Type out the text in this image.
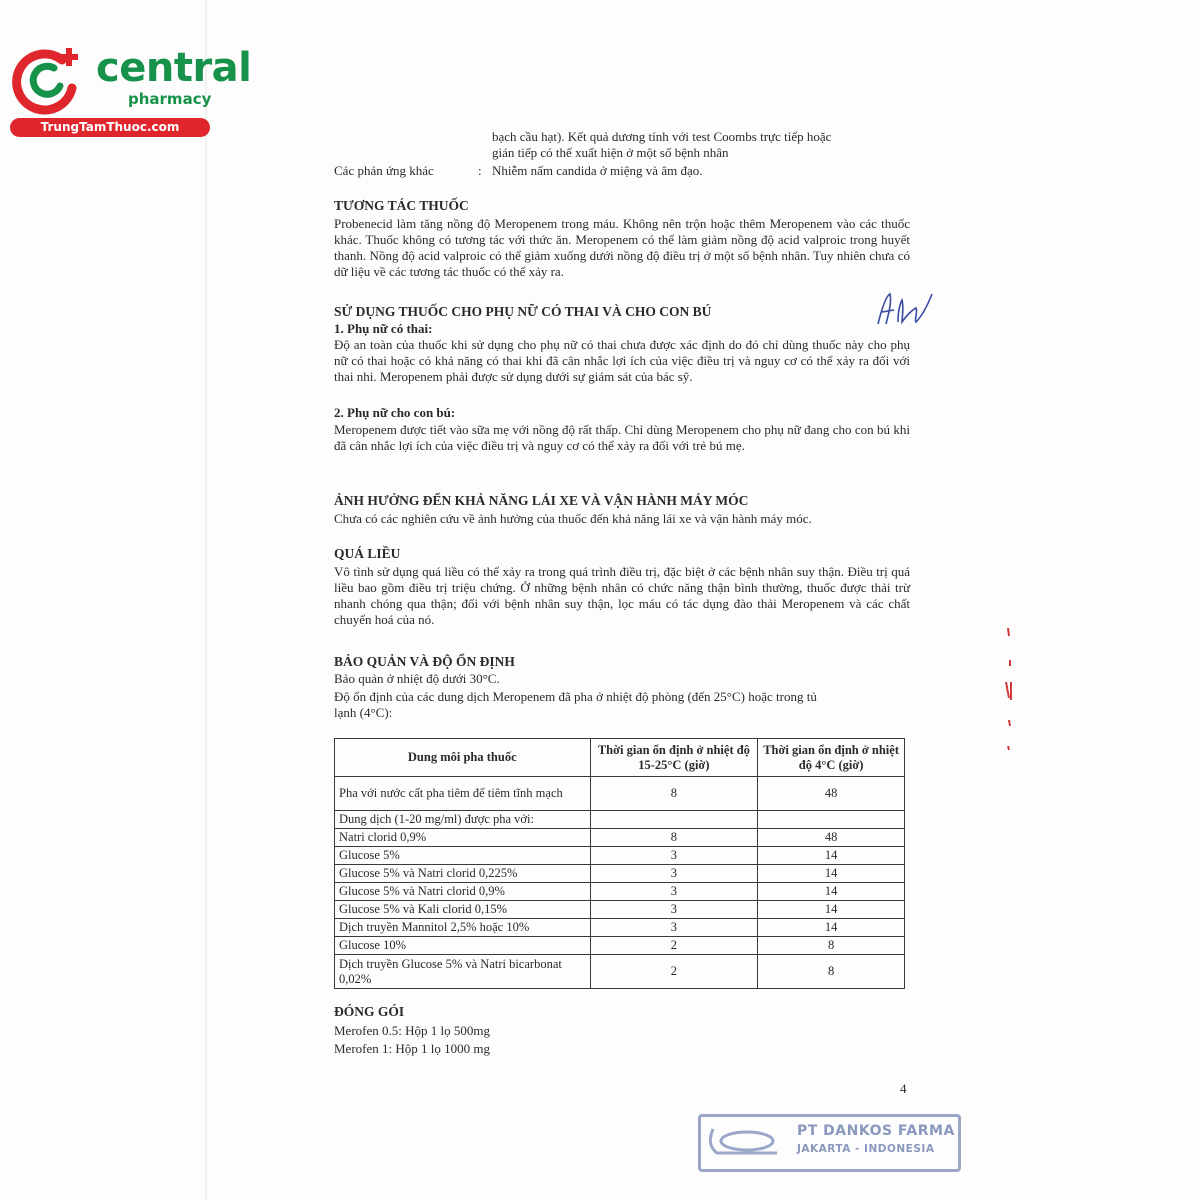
central
pharmacy
TrungTamThuoc.com
bạch cầu hạt). Kết quả dương tính với test Coombs trực tiếp hoặc
gián tiếp có thể xuất hiện ở một số bệnh nhân
Các phản ứng khác	: Nhiễm nấm candida ở miệng và âm đạo.
TƯƠNG TÁC THUỐC
Probenecid làm tăng nồng độ Meropenem trong máu. Không nên trộn hoặc thêm Meropenem vào các thuốc khác. Thuốc không có tương tác với thức ăn. Meropenem có thể làm giảm nồng độ acid valproic trong huyết thanh. Nồng độ acid valproic có thể giảm xuống dưới nồng độ điều trị ở một số bệnh nhân. Tuy nhiên chưa có dữ liệu về các tương tác thuốc có thể xảy ra.
SỬ DỤNG THUỐC CHO PHỤ NỮ CÓ THAI VÀ CHO CON BÚ
1. Phụ nữ có thai:
Độ an toàn của thuốc khi sử dụng cho phụ nữ có thai chưa được xác định do đó chỉ dùng thuốc này cho phụ nữ có thai hoặc có khả năng có thai khi đã cân nhắc lợi ích của việc điều trị và nguy cơ có thể xảy ra đối với thai nhi. Meropenem phải được sử dụng dưới sự giám sát của bác sỹ.
2. Phụ nữ cho con bú:
Meropenem được tiết vào sữa mẹ với nồng độ rất thấp. Chỉ dùng Meropenem cho phụ nữ đang cho con bú khi đã cân nhắc lợi ích của việc điều trị và nguy cơ có thể xảy ra đối với trẻ bú mẹ.
ẢNH HƯỞNG ĐẾN KHẢ NĂNG LÁI XE VÀ VẬN HÀNH MÁY MÓC
Chưa có các nghiên cứu về ảnh hưởng của thuốc đến khả năng lái xe và vận hành máy móc.
QUÁ LIỀU
Vô tình sử dụng quá liều có thể xảy ra trong quá trình điều trị, đặc biệt ở các bệnh nhân suy thận. Điều trị quá liều bao gồm điều trị triệu chứng. Ở những bệnh nhân có chức năng thận bình thường, thuốc được thải trừ nhanh chóng qua thận; đối với bệnh nhân suy thận, lọc máu có tác dụng đào thải Meropenem và các chất chuyển hoá của nó.
BẢO QUẢN VÀ ĐỘ ỔN ĐỊNH
Bảo quản ở nhiệt độ dưới 30°C.
Độ ổn định của các dung dịch Meropenem đã pha ở nhiệt độ phòng (đến 25°C) hoặc trong tủ
lạnh (4°C):
Dung môi pha thuốc	Thời gian ổn định ở nhiệt độ 15-25°C (giờ)	Thời gian ổn định ở nhiệt độ 4°C (giờ)
Pha với nước cất pha tiêm để tiêm tĩnh mạch	8	48
Dung dịch (1-20 mg/ml) được pha với:		
Natri clorid 0,9%	8	48
Glucose 5%	3	14
Glucose 5% và Natri clorid 0,225%	3	14
Glucose 5% và Natri clorid 0,9%	3	14
Glucose 5% và Kali clorid 0,15%	3	14
Dịch truyền Mannitol 2,5% hoặc 10%	3	14
Glucose 10%	2	8
Dịch truyền Glucose 5% và Natri bicarbonat 0,02%	2	8
ĐÓNG GÓI
Merofen 0.5: Hộp 1 lọ 500mg
Merofen 1: Hộp 1 lọ 1000 mg
4
PT DANKOS FARMA
JAKARTA - INDONESIA
